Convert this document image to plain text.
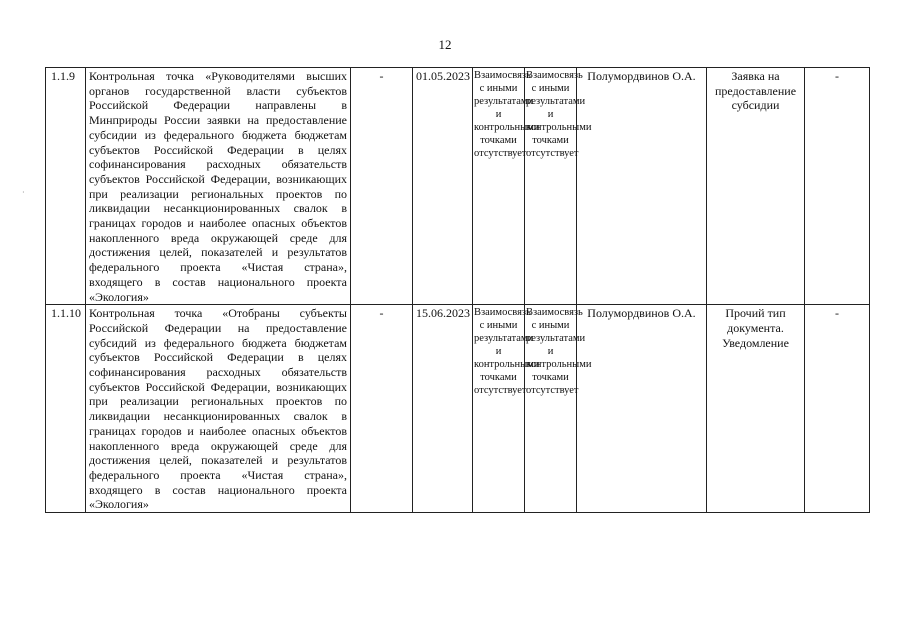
12
1.1.9	Контрольная точка «Руководителями высших органов государственной власти субъектов Российской Федерации направлены в Минприроды России заявки на предоставление субсидии из федерального бюджета бюджетам субъектов Российской Федерации в целях софинансирования расходных обязательств субъектов Российской Федерации, возникающих при реализации региональных проектов по ликвидации несанкционированных свалок в границах городов и наиболее опасных объектов накопленного вреда окружающей среде для достижения целей, показателей и результатов федерального проекта «Чистая страна», входящего в состав национального проекта «Экология»	-	01.05.2023	Взаимосвязь с иными результатами и контрольными точками отсутствует	Взаимосвязь с иными результатами и контрольными точками отсутствует	Полумордвинов О.А.	Заявка на предоставление субсидии	-
1.1.10	Контрольная точка «Отобраны субъекты Российской Федерации на предоставление субсидий из федерального бюджета бюджетам субъектов Российской Федерации в целях софинансирования расходных обязательств субъектов Российской Федерации, возникающих при реализации региональных проектов по ликвидации несанкционированных свалок в границах городов и наиболее опасных объектов накопленного вреда окружающей среде для достижения целей, показателей и результатов федерального проекта «Чистая страна», входящего в состав национального проекта «Экология»	-	15.06.2023	Взаимосвязь с иными результатами и контрольными точками отсутствует	Взаимосвязь с иными результатами и контрольными точками отсутствует	Полумордвинов О.А.	Прочий тип документа. Уведомление	-
·
